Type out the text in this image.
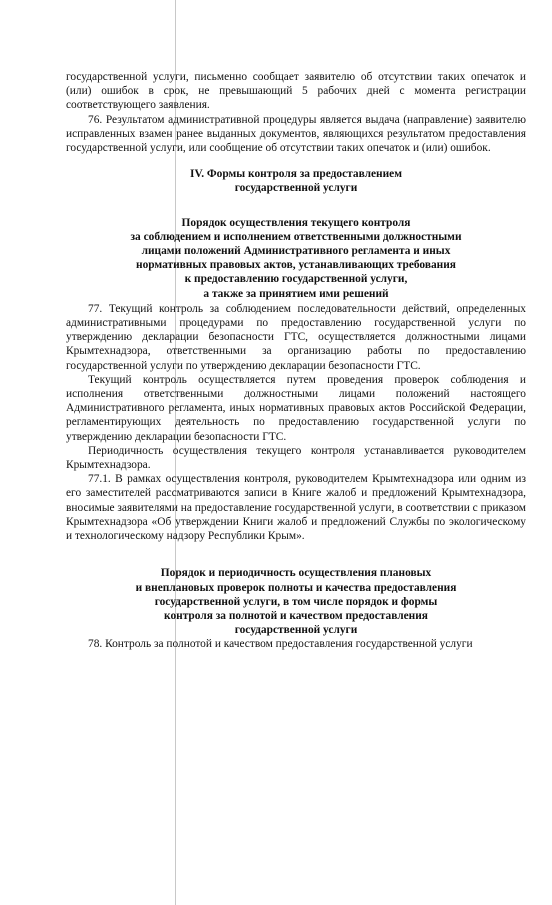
государственной услуги, письменно сообщает заявителю об отсутствии таких опечаток и (или) ошибок в срок, не превышающий 5 рабочих дней с момента регистрации соответствующего заявления.

76. Результатом административной процедуры является выдача (направление) заявителю исправленных взамен ранее выданных документов, являющихся результатом предоставления государственной услуги, или сообщение об отсутствии таких опечаток и (или) ошибок.

IV. Формы контроля за предоставлением
государственной услуги
Порядок осуществления текущего контроля
за соблюдением и исполнением ответственными должностными
лицами положений Административного регламента и иных
нормативных правовых актов, устанавливающих требования
к предоставлению государственной услуги,
а также за принятием ими решений

77. Текущий контроль за соблюдением последовательности действий, определенных административными процедурами по предоставлению государственной услуги по утверждению декларации безопасности ГТС, осуществляется должностными лицами Крымтехнадзора, ответственными за организацию работы по предоставлению государственной услуги по утверждению декларации безопасности ГТС.

Текущий контроль осуществляется путем проведения проверок соблюдения и исполнения ответственными должностными лицами положений настоящего Административного регламента, иных нормативных правовых актов Российской Федерации, регламентирующих деятельность по предоставлению государственной услуги по утверждению декларации безопасности ГТС.

Периодичность осуществления текущего контроля устанавливается руководителем Крымтехнадзора.

77.1. В рамках осуществления контроля, руководителем Крымтехнадзора или одним из его заместителей рассматриваются записи в Книге жалоб и предложений Крымтехнадзора, вносимые заявителями на предоставление государственной услуги, в соответствии с приказом Крымтехнадзора «Об утверждении Книги жалоб и предложений Службы по экологическому и технологическому надзору Республики Крым».

Порядок и периодичность осуществления плановых
и внеплановых проверок полноты и качества предоставления
государственной услуги, в том числе порядок и формы
контроля за полнотой и качеством предоставления
государственной услуги

78. Контроль за полнотой и качеством предоставления государственной услуги
